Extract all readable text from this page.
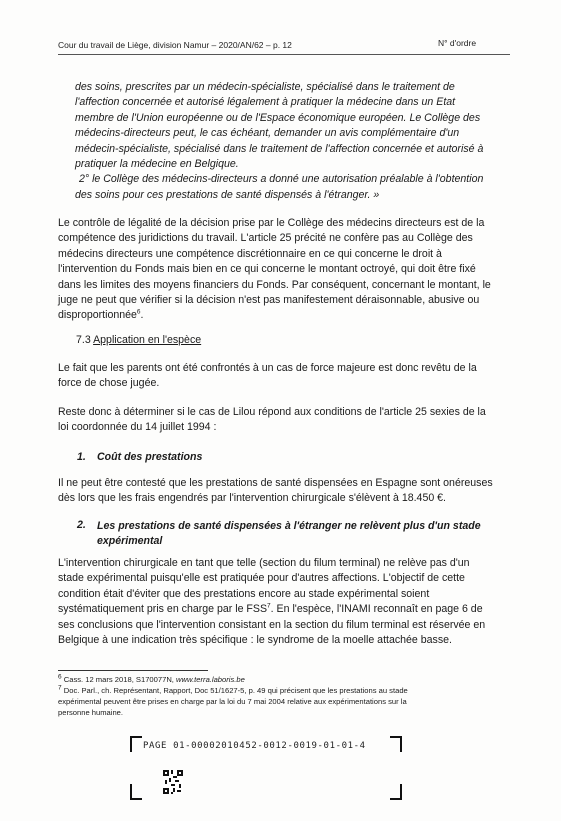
Cour du travail de Liège, division Namur – 2020/AN/62 – p. 12	N° d'ordre

des soins, prescrites par un médecin-spécialiste, spécialisé dans le traitement de

l'affection concernée et autorisé légalement à pratiquer la médecine dans un Etat

membre de l'Union européenne ou de l'Espace économique européen. Le Collège des

médecins-directeurs peut, le cas échéant, demander un avis complémentaire d'un

médecin-spécialiste, spécialisé dans le traitement de l'affection concernée et autorisé à

pratiquer la médecine en Belgique.

2° le Collège des médecins-directeurs a donné une autorisation préalable à l'obtention

des soins pour ces prestations de santé dispensés à l'étranger. »

Le contrôle de légalité de la décision prise par le Collège des médecins directeurs est de la
compétence des juridictions du travail. L'article 25 précité ne confère pas au Collège des
médecins directeurs une compétence discrétionnaire en ce qui concerne le droit à
l'intervention du Fonds mais bien en ce qui concerne le montant octroyé, qui doit être fixé
dans les limites des moyens financiers du Fonds. Par conséquent, concernant le montant, le
juge ne peut que vérifier si la décision n'est pas manifestement déraisonnable, abusive ou
disproportionnée$^6$.
7.3 Application en l'espèce
Le fait que les parents ont été confrontés à un cas de force majeure est donc revêtu de la
force de chose jugée.
Reste donc à déterminer si le cas de Lilou répond aux conditions de l'article 25 sexies de la
loi coordonnée du 14 juillet 1994 :
1. Coût des prestations
Il ne peut être contesté que les prestations de santé dispensées en Espagne sont onéreuses
dès lors que les frais engendrés par l'intervention chirurgicale s'élèvent à 18.450 €.
2. Les prestations de santé dispensées à l'étranger ne relèvent plus d'un stade
expérimental
L'intervention chirurgicale en tant que telle (section du filum terminal) ne relève pas d'un
stade expérimental puisqu'elle est pratiquée pour d'autres affections. L'objectif de cette
condition était d'éviter que des prestations encore au stade expérimental soient
systématiquement pris en charge par le FSS$^7$. En l'espèce, l'INAMI reconnaît en page 6 de
ses conclusions que l'intervention consistant en la section du filum terminal est réservée en
Belgique à une indication très spécifique : le syndrome de la moelle attachée basse.
$^6$ Cass. 12 mars 2018, S170077N, www.terra.laboris.be
$^7$ Doc. Parl., ch. Représentant, Rapport, Doc 51/1627-5, p. 49 qui précisent que les prestations au stade
expérimental peuvent être prises en charge par la loi du 7 mai 2004 relative aux expérimentations sur la
personne humaine.
PAGE 01-00002010452-0012-0019-01-01-4
